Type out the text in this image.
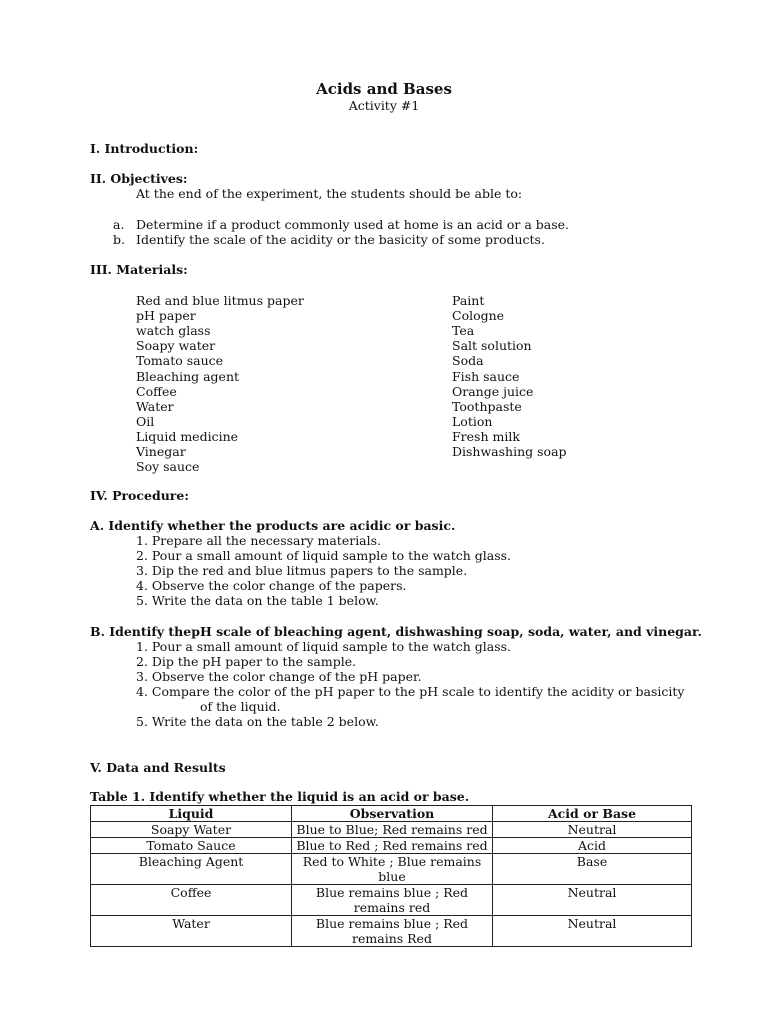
Acids and Bases
Activity #1
I. Introduction:
II. Objectives:
At the end of the experiment, the students should be able to:
a. Determine if a product commonly used at home is an acid or a base.
b. Identify the scale of the acidity or the basicity of some products.
III. Materials:
Red and blue litmus paper
pH paper
watch glass
Soapy water
Tomato sauce
Bleaching agent
Coffee
Water
Oil
Liquid medicine
Vinegar
Soy sauce
Paint
Cologne
Tea
Salt solution
Soda
Fish sauce
Orange juice
Toothpaste
Lotion
Fresh milk
Dishwashing soap
IV. Procedure:
A. Identify whether the products are acidic or basic.
1. Prepare all the necessary materials.
2. Pour a small amount of liquid sample to the watch glass.
3. Dip the red and blue litmus papers to the sample.
4. Observe the color change of the papers.
5. Write the data on the table 1 below.
B. Identify thepH scale of bleaching agent, dishwashing soap, soda, water, and vinegar.
1. Pour a small amount of liquid sample to the watch glass.
2. Dip the pH paper to the sample.
3. Observe the color change of the pH paper.
4. Compare the color of the pH paper to the pH scale to identify the acidity or basicity
of the liquid.
5. Write the data on the table 2 below.
V. Data and Results
Table 1. Identify whether the liquid is an acid or base.
Liquid	Observation	Acid or Base
Soapy Water	Blue to Blue; Red remains red	Neutral
Tomato Sauce	Blue to Red ; Red remains red	Acid
Bleaching Agent	Red to White ; Blue remains blue	Base
Coffee	Blue remains blue ; Red remains red	Neutral
Water	Blue remains blue ; Red remains Red	Neutral
